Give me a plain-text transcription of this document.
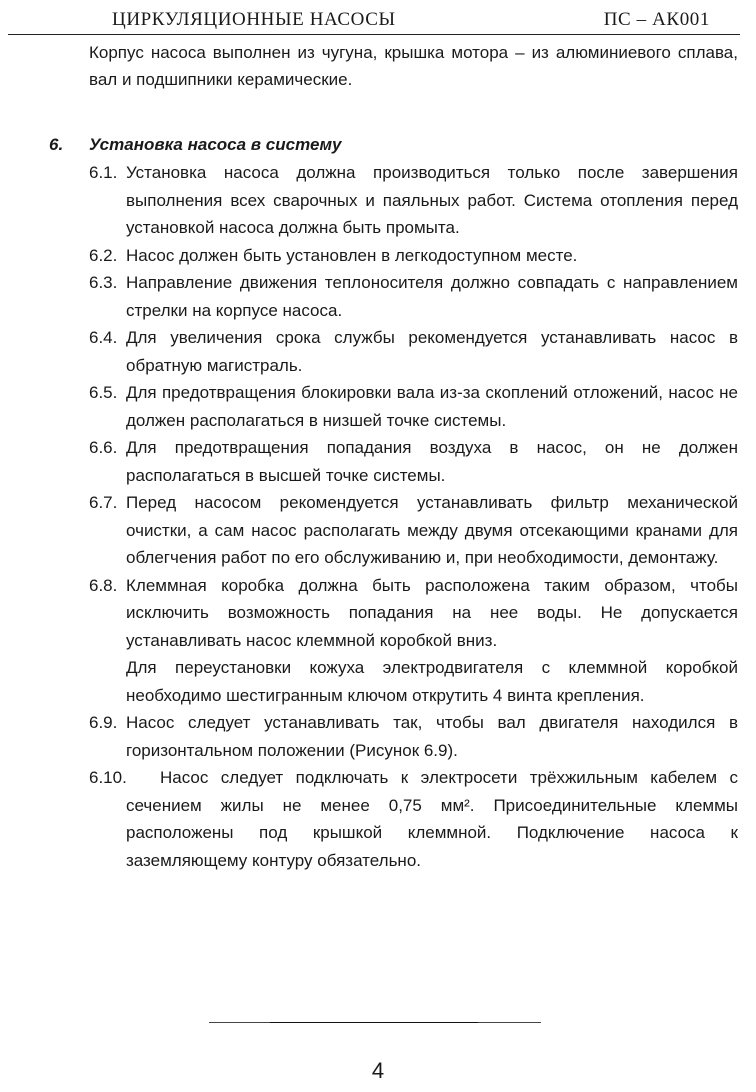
ЦИРКУЛЯЦИОННЫЕ НАСОСЫ	ПС – АК001
Корпус насоса выполнен из чугуна, крышка мотора – из алюминиевого сплава, вал и подшипники керамические.
6. Установка насоса в систему
6.1. Установка насоса должна производиться только после завершения выполнения всех сварочных и паяльных работ. Система отопления перед установкой насоса должна быть промыта.
6.2. Насос должен быть установлен в легкодоступном месте.
6.3. Направление движения теплоносителя должно совпадать с направлением стрелки на корпусе насоса.
6.4. Для увеличения срока службы рекомендуется устанавливать насос в обратную магистраль.
6.5. Для предотвращения блокировки вала из-за скоплений отложений, насос не должен располагаться в низшей точке системы.
6.6. Для предотвращения попадания воздуха в насос, он не должен располагаться в высшей точке системы.
6.7. Перед насосом рекомендуется устанавливать фильтр механической очистки, а сам насос располагать между двумя отсекающими кранами для облегчения работ по его обслуживанию и, при необходимости, демонтажу.
6.8. Клеммная коробка должна быть расположена таким образом, чтобы исключить возможность попадания на нее воды. Не допускается устанавливать насос клеммной коробкой вниз.
Для переустановки кожуха электродвигателя с клеммной коробкой необходимо шестигранным ключом открутить 4 винта крепления.
6.9. Насос следует устанавливать так, чтобы вал двигателя находился в горизонтальном положении (Рисунок 6.9).
6.10.	Насос следует подключать к электросети трёхжильным кабелем с сечением жилы не менее 0,75 мм². Присоединительные клеммы расположены под крышкой клеммной. Подключение насоса к заземляющему контуру обязательно.
4
